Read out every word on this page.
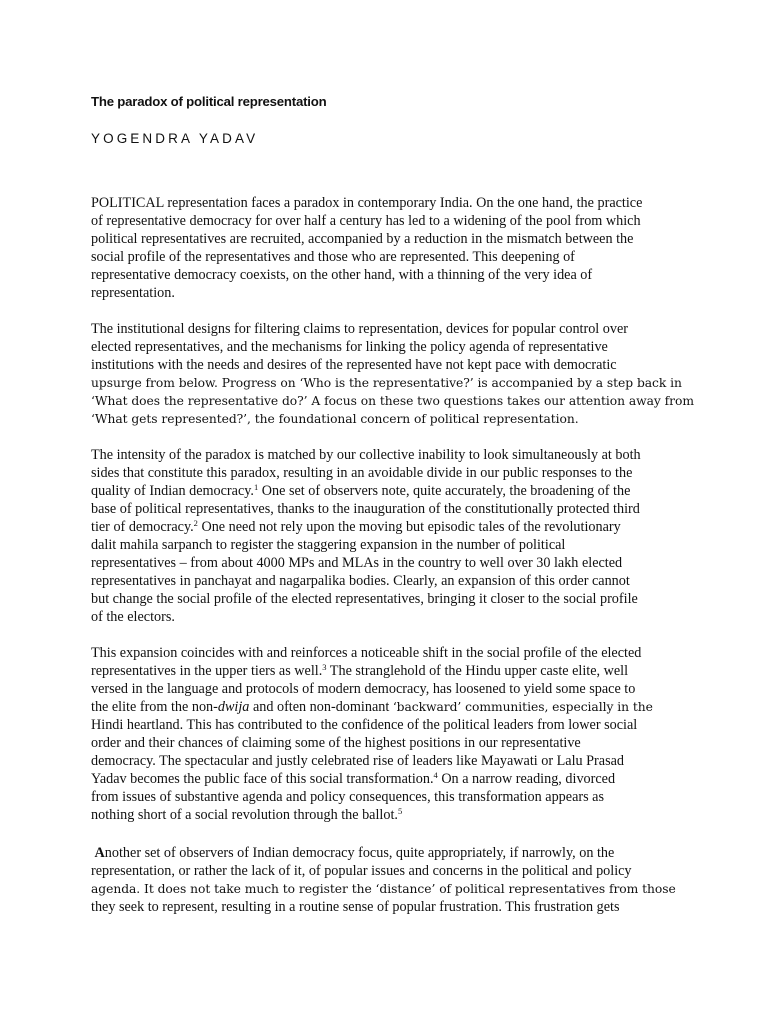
The paradox of political representation
YOGENDRA YADAV

POLITICAL representation faces a paradox in contemporary India. On the one hand, the practice
of representative democracy for over half a century has led to a widening of the pool from which
political representatives are recruited, accompanied by a reduction in the mismatch between the
social profile of the representatives and those who are represented. This deepening of
representative democracy coexists, on the other hand, with a thinning of the very idea of
representation.

The institutional designs for filtering claims to representation, devices for popular control over
elected representatives, and the mechanisms for linking the policy agenda of representative
institutions with the needs and desires of the represented have not kept pace with democratic
upsurge from below. Progress on ‘Who is the representative?’ is accompanied by a step back in
‘What does the representative do?’ A focus on these two questions takes our attention away from
‘What gets represented?’, the foundational concern of political representation.

The intensity of the paradox is matched by our collective inability to look simultaneously at both
sides that constitute this paradox, resulting in an avoidable divide in our public responses to the
quality of Indian democracy.$^1$ One set of observers note, quite accurately, the broadening of the
base of political representatives, thanks to the inauguration of the constitutionally protected third
tier of democracy.$^2$ One need not rely upon the moving but episodic tales of the revolutionary
dalit mahila sarpanch to register the staggering expansion in the number of political
representatives – from about 4000 MPs and MLAs in the country to well over 30 lakh elected
representatives in panchayat and nagarpalika bodies. Clearly, an expansion of this order cannot
but change the social profile of the elected representatives, bringing it closer to the social profile
of the electors.

This expansion coincides with and reinforces a noticeable shift in the social profile of the elected
representatives in the upper tiers as well.$^3$ The stranglehold of the Hindu upper caste elite, well
versed in the language and protocols of modern democracy, has loosened to yield some space to
the elite from the non-dwija and often non-dominant ‘backward’ communities, especially in the
Hindi heartland. This has contributed to the confidence of the political leaders from lower social
order and their chances of claiming some of the highest positions in our representative
democracy. The spectacular and justly celebrated rise of leaders like Mayawati or Lalu Prasad
Yadav becomes the public face of this social transformation.$^4$ On a narrow reading, divorced
from issues of substantive agenda and policy consequences, this transformation appears as
nothing short of a social revolution through the ballot.$^5$

Another set of observers of Indian democracy focus, quite appropriately, if narrowly, on the
representation, or rather the lack of it, of popular issues and concerns in the political and policy
agenda. It does not take much to register the ‘distance’ of political representatives from those
they seek to represent, resulting in a routine sense of popular frustration. This frustration gets
